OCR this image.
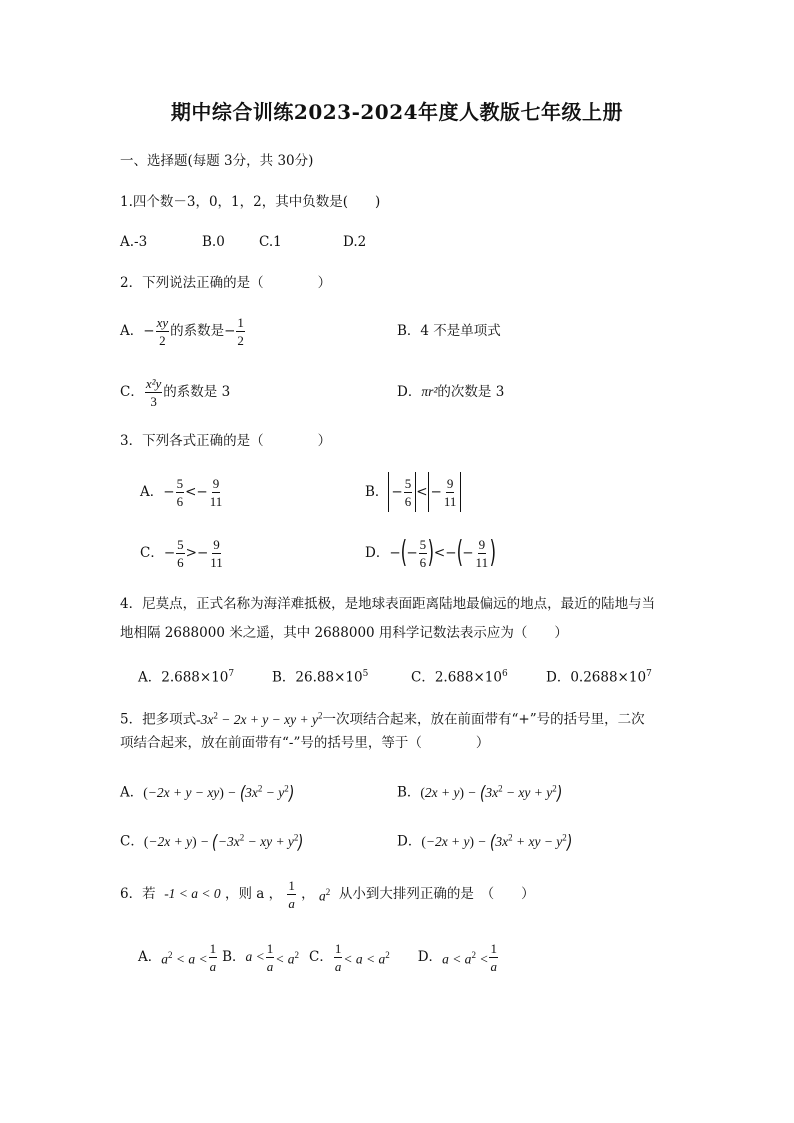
期中综合训练2023-2024年度人教版七年级上册
一、选择题(每题 3分，共 30分)
1.四个数－3，0，1，2，其中负数是(　　)
A.-3	B.0	C.1	D.2
2．下列说法正确的是（　　　　）
A． − $\frac{xy}{2}$ 的系数是 − $\frac{1}{2}$	B．4 不是单项式
C． $\frac{\text{x²y}}{3}$ 的系数是 3	D．πr²的次数是 3
3．下列各式正确的是（　　　　）
A． − $\frac{5}{6} <- \frac{9}{11}$	B． − $\frac{5}{6}$ < − $\frac{9}{11}$
C． − $\frac{5}{6} >- \frac{9}{11}$	D． − ( − $\frac{5}{6}$ ) <− ( − $\frac{9}{11}$ )
4．尼莫点，正式名称为海洋难抵极，是地球表面距离陆地最偏远的地点，最近的陆地与当
地相隔 2688000 米之遥，其中 2688000 用科学记数法表示应为（　　）
A．$2.688\times 10^7$	B．$26.88\times 10^5$	C．$2.688\times 10^6$	D．$0.2688\times 10^7$
5．把多项式$-3x^2 - 2x + y$ − xy + $y^2$一次项结合起来，放在前面带有“+”号的括号里，二次
项结合起来，放在前面带有“-”号的括号里，等于（　　　　）
A．$(-2x + y - xy) - (3x^2 - y^2)$	B．$(2x + y) - (3x^2$ − xy + $y^2$)
C．$(-2x + y) - (-3x^2$ − xy + $y^2$)	D．$(-2x + y) - (3x^2$ + xy − $y^2$)
6．若
-1 < a < 0
，则 a ，
$\frac{1}{a}$ ， $a^2$
从小到大排列正确的是　（　　）
A． $a^2 < a < \frac{1}{a}$ B． $a < \frac{1}{a} < a^2$ C． $\frac{1}{a} < a < a^2$ D． $a < a^2 < \frac{1}{a}$
